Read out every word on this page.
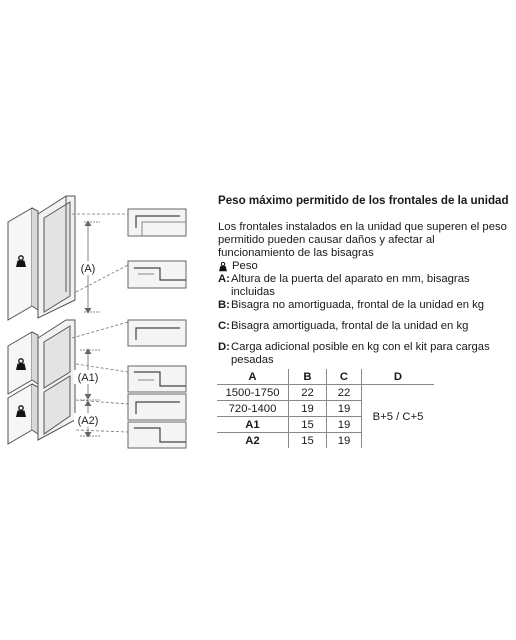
(A)
(A1)
(A2)
Peso máximo permitido de los frontales de la unidad
Los frontales instalados en la unidad que superen el peso permitido pueden causar daños y afectar al funcionamiento de las bisagras
Peso
A: Altura de la puerta del aparato en mm, bisagras incluidas
B: Bisagra no amortiguada, frontal de la unidad en kg
C: Bisagra amortiguada, frontal de la unidad en kg
D: Carga adicional posible en kg con el kit para cargas pesadas
A	B	C	D
1500-1750	22	22	B+5 / C+5
720-1400	19	19	
A1	15	19	
A2	15	19	
